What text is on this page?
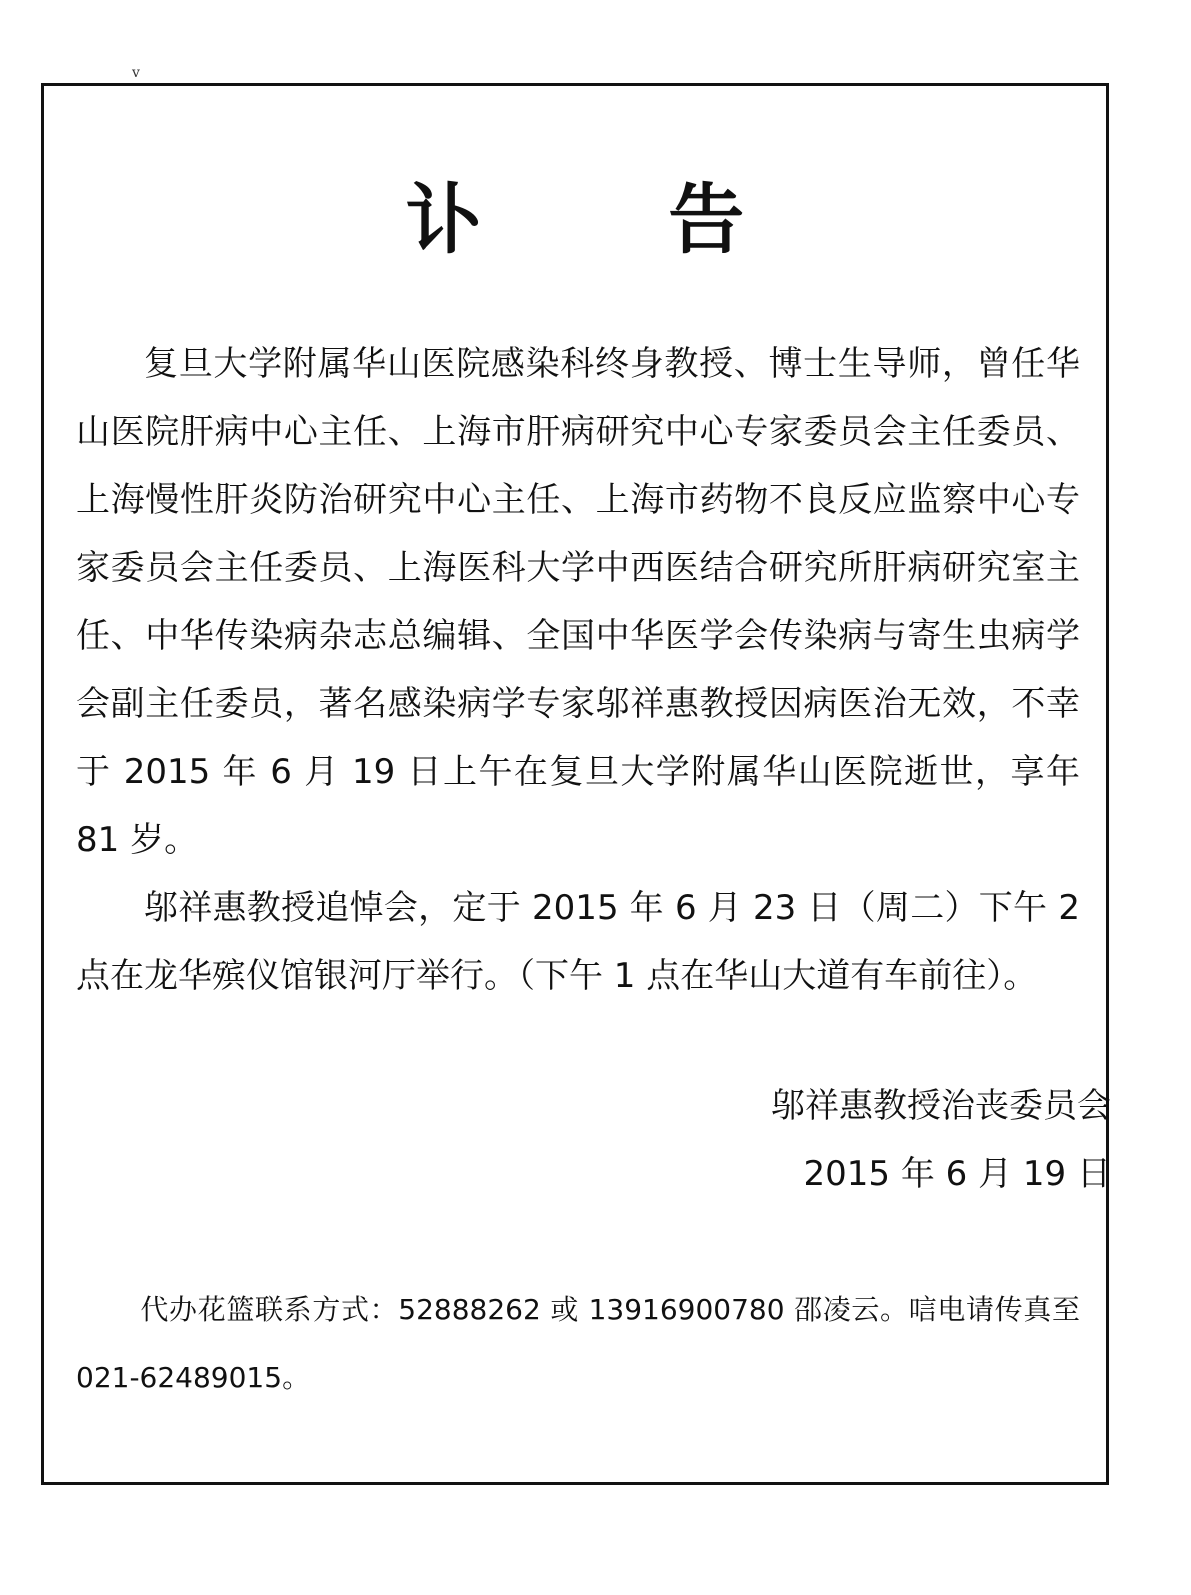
v
讣 告

复旦大学附属华山医院感染科终身教授、博士生导师，曾任华山医院肝病中心主任、上海市肝病研究中心专家委员会主任委员、上海慢性肝炎防治研究中心主任、上海市药物不良反应监察中心专家委员会主任委员、上海医科大学中西医结合研究所肝病研究室主任、中华传染病杂志总编辑、全国中华医学会传染病与寄生虫病学会副主任委员，著名感染病学专家邬祥惠教授因病医治无效，不幸于 2015 年 6 月 19 日上午在复旦大学附属华山医院逝世，享年 81 岁。

邬祥惠教授追悼会，定于 2015 年 6 月 23 日（周二）下午 2 点在龙华殡仪馆银河厅举行。（下午 1 点在华山大道有车前往）。

邬祥惠教授治丧委员会
2015 年 6 月 19 日

代办花篮联系方式：52888262 或 13916900780 邵凌云。唁电请传真至 021-62489015。
